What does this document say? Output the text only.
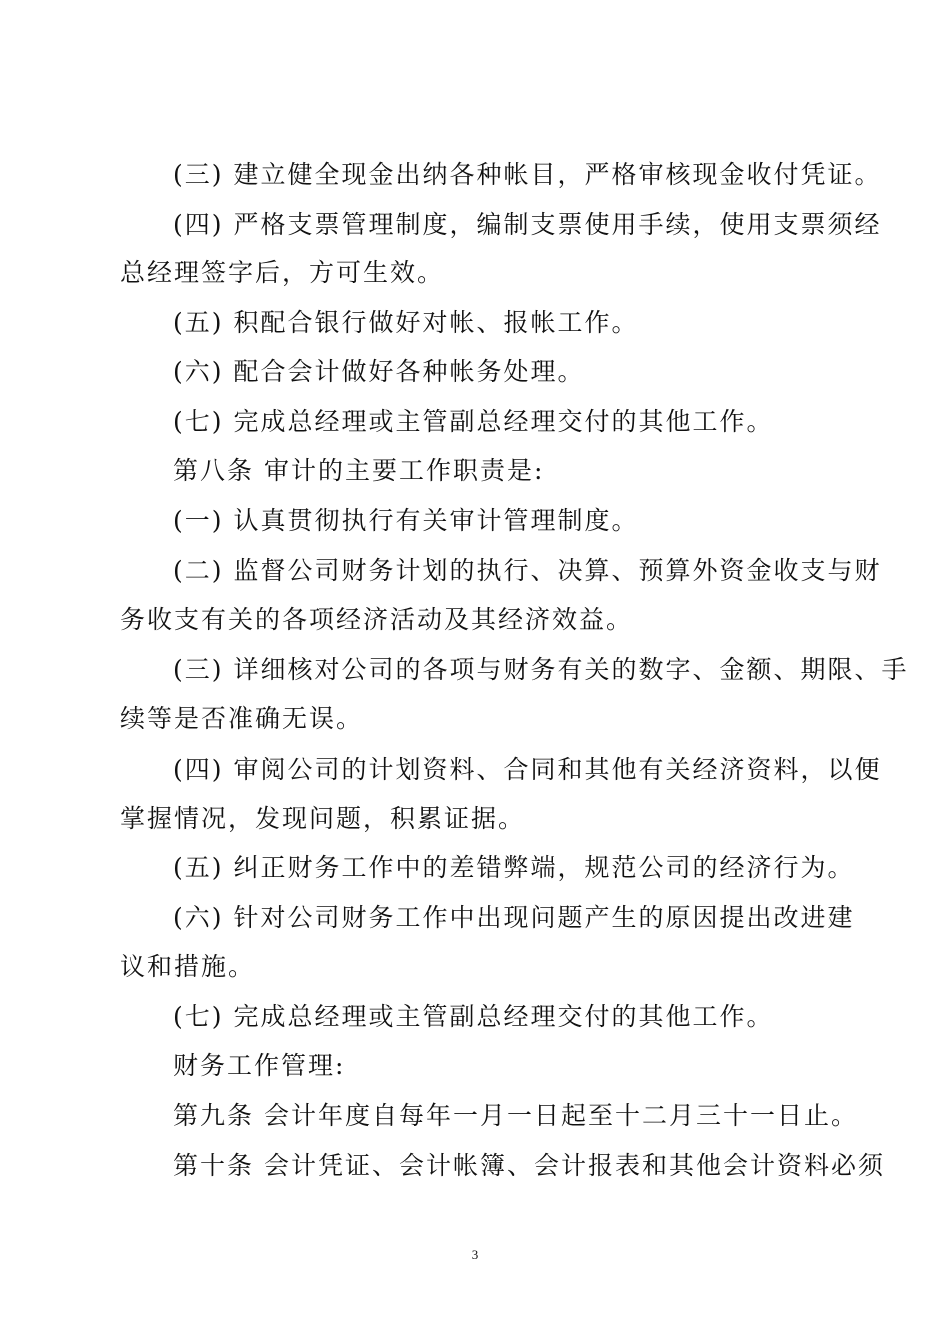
(三) 建立健全现金出纳各种帐目，严格审核现金收付凭证。
(四) 严格支票管理制度，编制支票使用手续，使用支票须经
总经理签字后，方可生效。
(五) 积配合银行做好对帐、报帐工作。
(六) 配合会计做好各种帐务处理。
(七) 完成总经理或主管副总经理交付的其他工作。
第八条 审计的主要工作职责是:
(一) 认真贯彻执行有关审计管理制度。
(二) 监督公司财务计划的执行、决算、预算外资金收支与财
务收支有关的各项经济活动及其经济效益。
(三) 详细核对公司的各项与财务有关的数字、金额、期限、手
续等是否准确无误。
(四) 审阅公司的计划资料、合同和其他有关经济资料，以便
掌握情况，发现问题，积累证据。
(五) 纠正财务工作中的差错弊端，规范公司的经济行为。
(六) 针对公司财务工作中出现问题产生的原因提出改进建
议和措施。
(七) 完成总经理或主管副总经理交付的其他工作。
财务工作管理:
第九条 会计年度自每年一月一日起至十二月三十一日止。
第十条 会计凭证、会计帐簿、会计报表和其他会计资料必须
3
